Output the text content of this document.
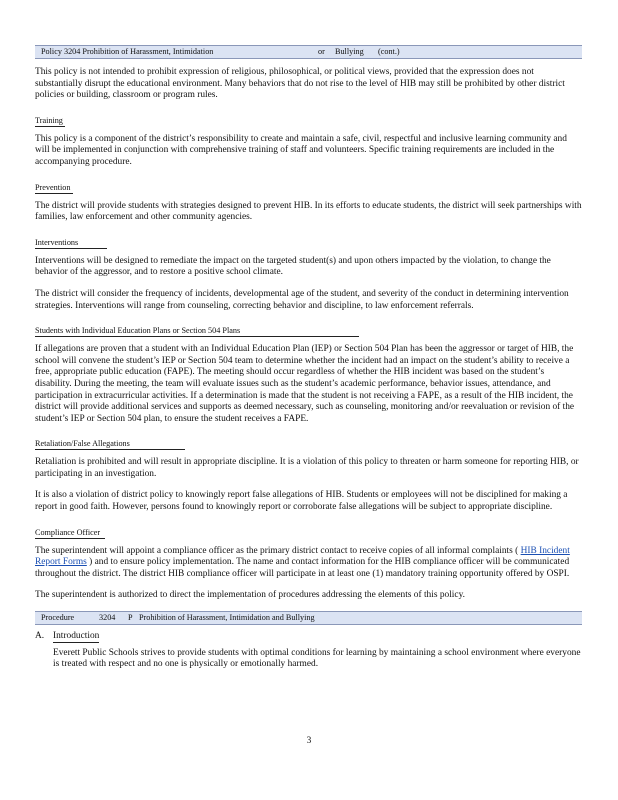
Policy 3204 Prohibition of Harassment, Intimidation	or Bullying (cont.)

This policy is not intended to prohibit expression of religious, philosophical, or political views, provided that the expression does not substantially disrupt the educational environment. Many behaviors that do not rise to the level of HIB may still be prohibited by other district policies or building, classroom or program rules.

Training

This policy is a component of the district’s responsibility to create and maintain a safe, civil, respectful and inclusive learning community and will be implemented in conjunction with comprehensive training of staff and volunteers. Specific training requirements are included in the accompanying procedure.

Prevention

The district will provide students with strategies designed to prevent HIB. In its efforts to educate students, the district will seek partnerships with families, law enforcement and other community agencies.

Interventions

Interventions will be designed to remediate the impact on the targeted student(s) and upon others impacted by the violation, to change the behavior of the aggressor, and to restore a positive school climate.

The district will consider the frequency of incidents, developmental age of the student, and severity of the conduct in determining intervention strategies. Interventions will range from counseling, correcting behavior and discipline, to law enforcement referrals.

Students with Individual Education Plans or Section 504 Plans

If allegations are proven that a student with an Individual Education Plan (IEP) or Section 504 Plan has been the aggressor or target of HIB, the school will convene the student’s IEP or Section 504 team to determine whether the incident had an impact on the student’s ability to receive a free, appropriate public education (FAPE). The meeting should occur regardless of whether the HIB incident was based on the student’s disability. During the meeting, the team will evaluate issues such as the student’s academic performance, behavior issues, attendance, and participation in extracurricular activities. If a determination is made that the student is not receiving a FAPE, as a result of the HIB incident, the district will provide additional services and supports as deemed necessary, such as counseling, monitoring and/or reevaluation or revision of the student’s IEP or Section 504 plan, to ensure the student receives a FAPE.

Retaliation/False Allegations

Retaliation is prohibited and will result in appropriate discipline. It is a violation of this policy to threaten or harm someone for reporting HIB, or participating in an investigation.

It is also a violation of district policy to knowingly report false allegations of HIB. Students or employees will not be disciplined for making a report in good faith. However, persons found to knowingly report or corroborate false allegations will be subject to appropriate discipline.

Compliance Officer

The superintendent will appoint a compliance officer as the primary district contact to receive copies of all informal complaints ( HIB Incident Report Forms ) and to ensure policy implementation. The name and contact information for the HIB compliance officer will be communicated throughout the district. The district HIB compliance officer will participate in at least one (1) mandatory training opportunity offered by OSPI.

The superintendent is authorized to direct the implementation of procedures addressing the elements of this policy.

Procedure	3204 P Prohibition of Harassment, Intimidation and Bullying
A. Introduction

Everett Public Schools strives to provide students with optimal conditions for learning by maintaining a school environment where everyone is treated with respect and no one is physically or emotionally harmed.

3
